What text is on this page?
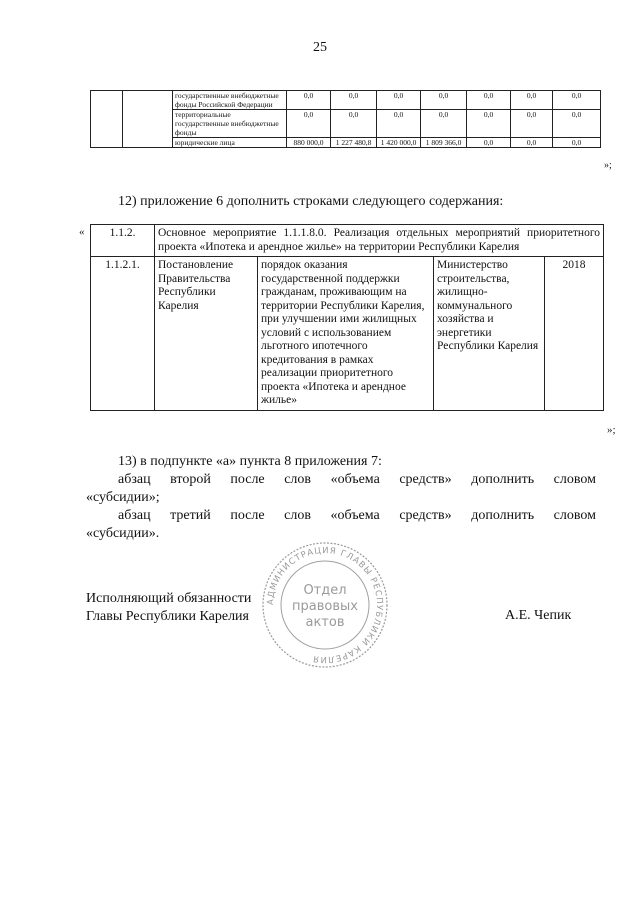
25
		государственные внебюджетные фонды Российской Федерации	0,0	0,0	0,0	0,0	0,0	0,0	0,0
		территориальные государственные внебюджетные фонды	0,0	0,0	0,0	0,0	0,0	0,0	0,0
		юридические лица	880 000,0	1 227 480,8	1 420 000,0	1 809 366,0	0,0	0,0	0,0
»;
12) приложение 6 дополнить строками следующего содержания:
« 1.1.2.	Основное мероприятие 1.1.1.8.0. Реализация отдельных мероприятий приоритетного проекта «Ипотека и арендное жилье» на территории Республики Карелия			
1.1.2.1.	Постановление Правительства Республики Карелия	порядок оказания государственной поддержки гражданам, проживающим на территории Республики Карелия, при улучшении ими жилищных условий с использованием льготного ипотечного кредитования в рамках реализации приоритетного проекта «Ипотека и арендное жилье»	Министерство строительства, жилищно-коммунального хозяйства и энергетики Республики Карелия	2018
»;
13) в подпункте «а» пункта 8 приложения 7:
абзац второй после слов «объема средств» дополнить словом
«субсидии»;
абзац третий после слов «объема средств» дополнить словом
«субсидии».
Исполняющий обязанности
Главы Республики Карелия	А.Е. Чепик
АДМИНИСТРАЦИЯ ГЛАВЫ РЕСПУБЛИКИ КАРЕЛИЯ
Отдел
правовых
актов
